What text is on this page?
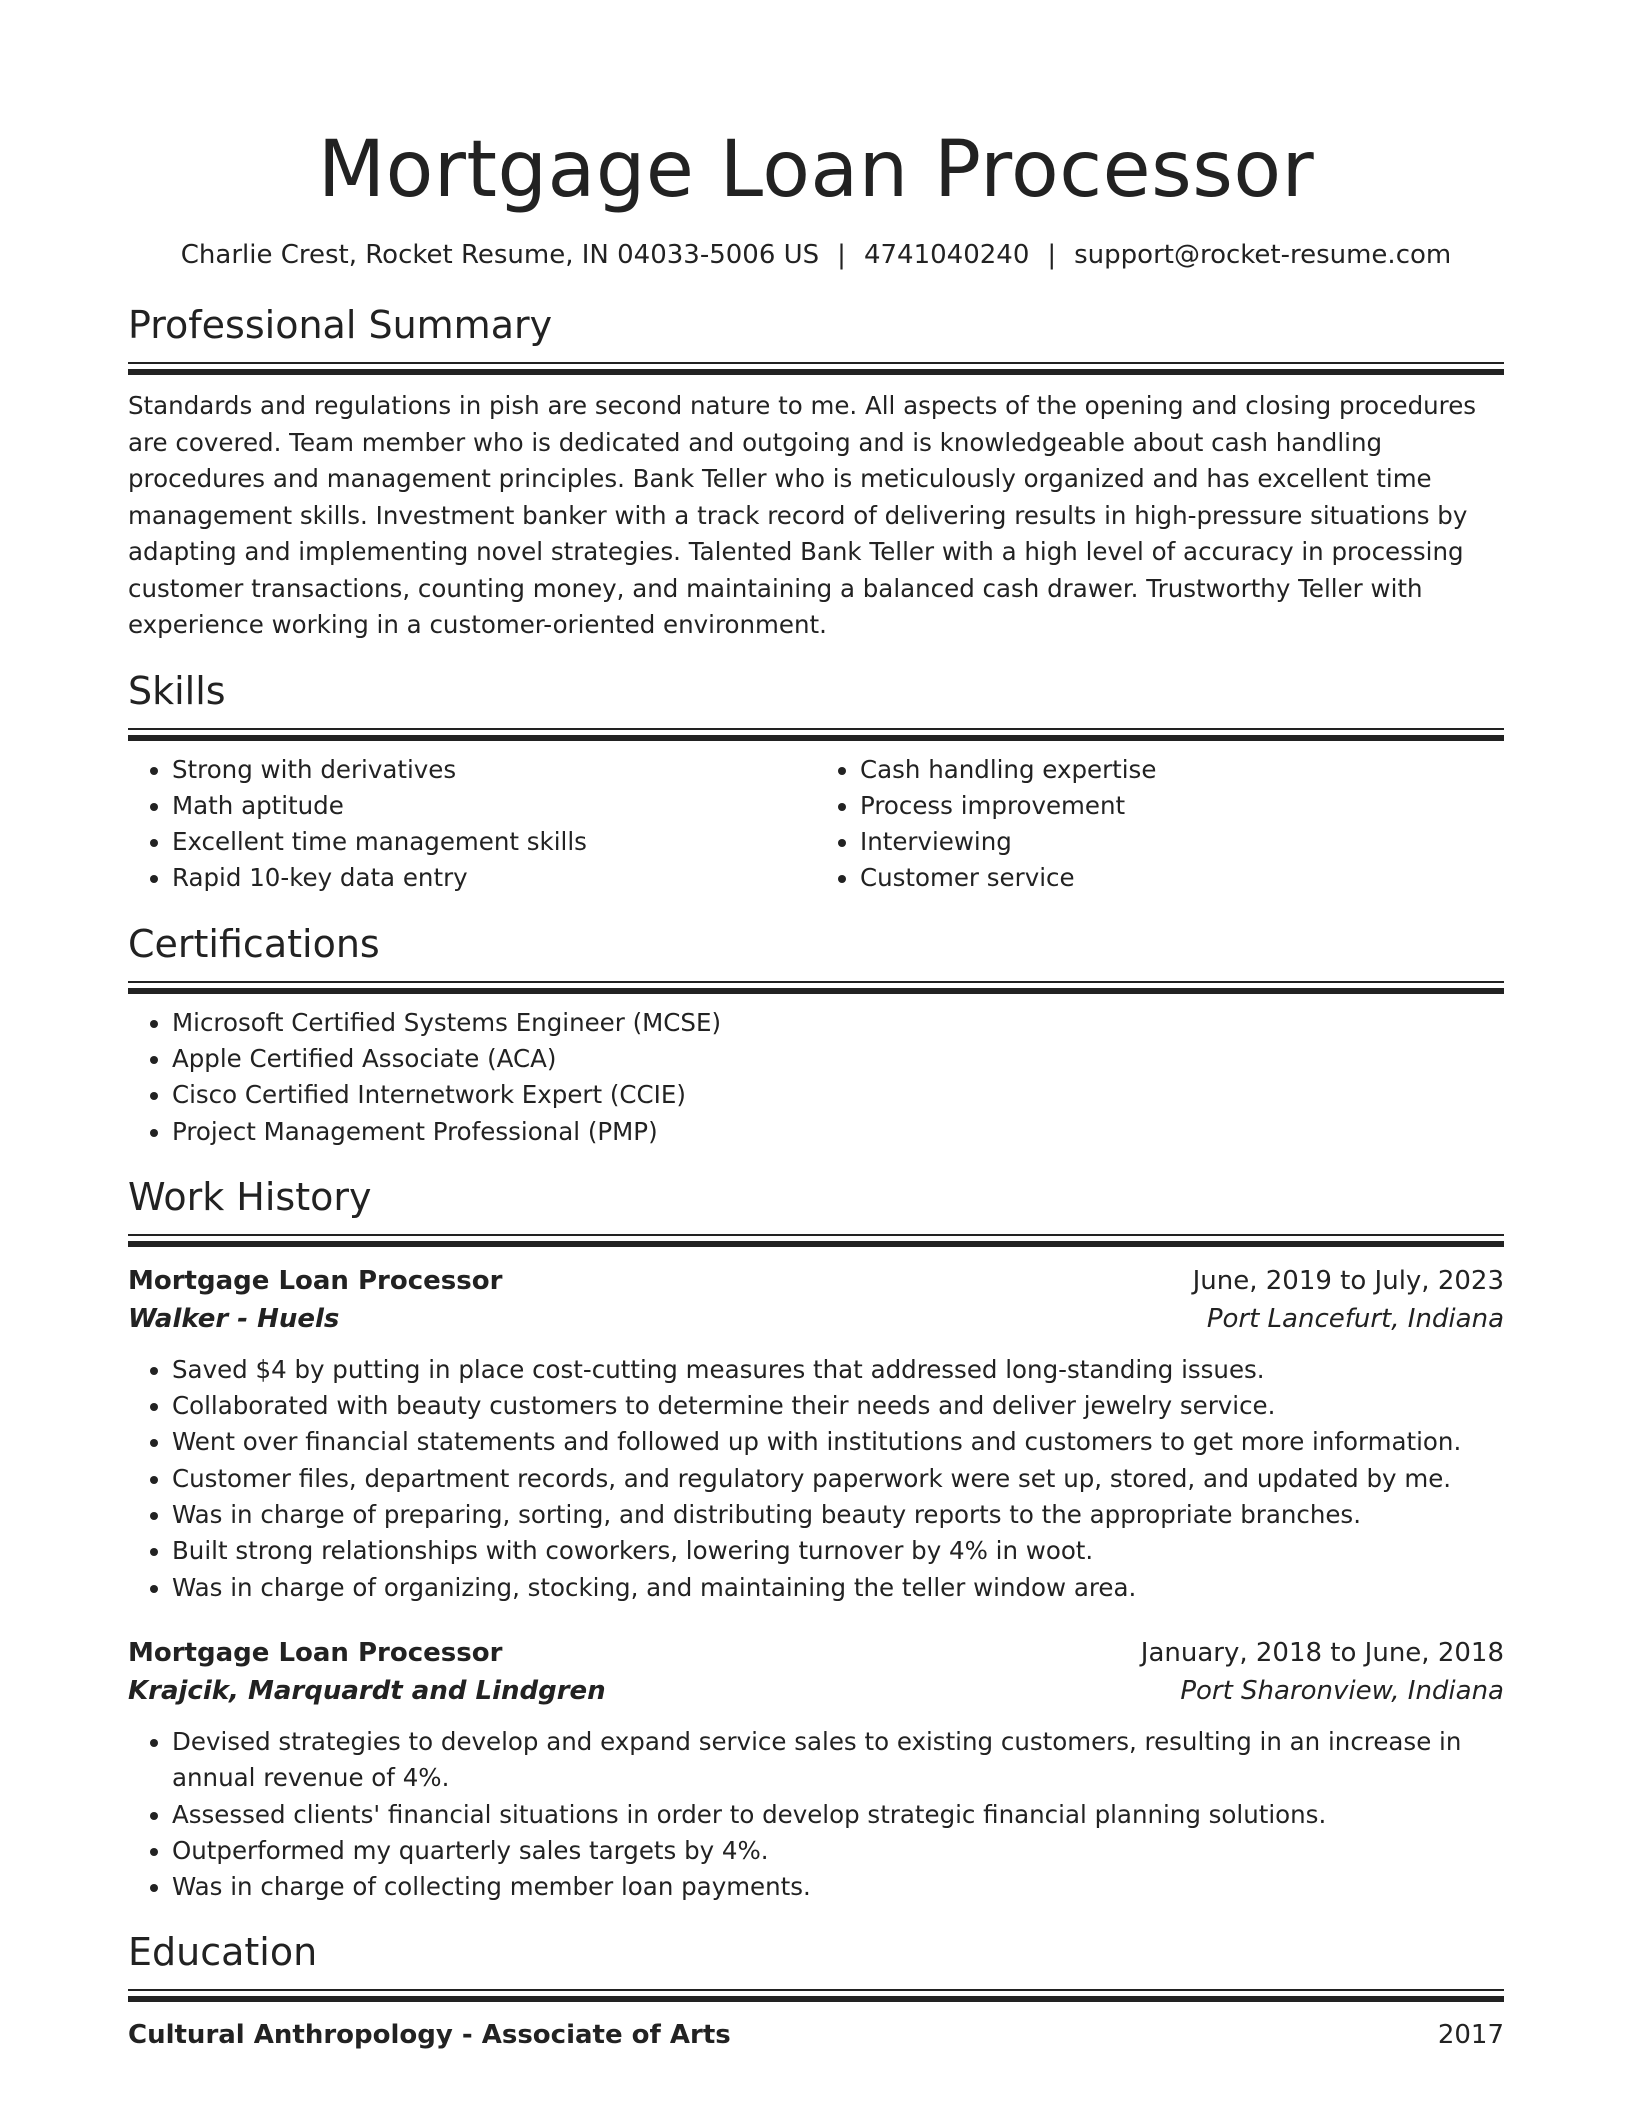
Mortgage Loan Processor
Charlie Crest, Rocket Resume, IN 04033-5006 US | 4741040240 | support@rocket-resume.com
Professional Summary

Standards and regulations in pish are second nature to me. All aspects of the opening and closing procedures are covered. Team member who is dedicated and outgoing and is knowledgeable about cash handling procedures and management principles. Bank Teller who is meticulously organized and has excellent time management skills. Investment banker with a track record of delivering results in high-pressure situations by adapting and implementing novel strategies. Talented Bank Teller with a high level of accuracy in processing customer transactions, counting money, and maintaining a balanced cash drawer. Trustworthy Teller with experience working in a customer-oriented environment.

Skills
• Strong with derivatives
• Math aptitude
• Excellent time management skills
• Rapid 10-key data entry
• Cash handling expertise
• Process improvement
• Interviewing
• Customer service
Certifications
• Microsoft Certified Systems Engineer (MCSE)
• Apple Certified Associate (ACA)
• Cisco Certified Internetwork Expert (CCIE)
• Project Management Professional (PMP)
Work History
Mortgage Loan Processor	June, 2019 to July, 2023
Walker - Huels	Port Lancefurt, Indiana
• Saved $4 by putting in place cost-cutting measures that addressed long-standing issues.
• Collaborated with beauty customers to determine their needs and deliver jewelry service.
• Went over financial statements and followed up with institutions and customers to get more information.
• Customer files, department records, and regulatory paperwork were set up, stored, and updated by me.
• Was in charge of preparing, sorting, and distributing beauty reports to the appropriate branches.
• Built strong relationships with coworkers, lowering turnover by 4% in woot.
• Was in charge of organizing, stocking, and maintaining the teller window area.
Mortgage Loan Processor	January, 2018 to June, 2018
Krajcik, Marquardt and Lindgren	Port Sharonview, Indiana
• Devised strategies to develop and expand service sales to existing customers, resulting in an increase in annual revenue of 4%.
• Assessed clients' financial situations in order to develop strategic financial planning solutions.
• Outperformed my quarterly sales targets by 4%.
• Was in charge of collecting member loan payments.
Education
Cultural Anthropology - Associate of Arts	2017
